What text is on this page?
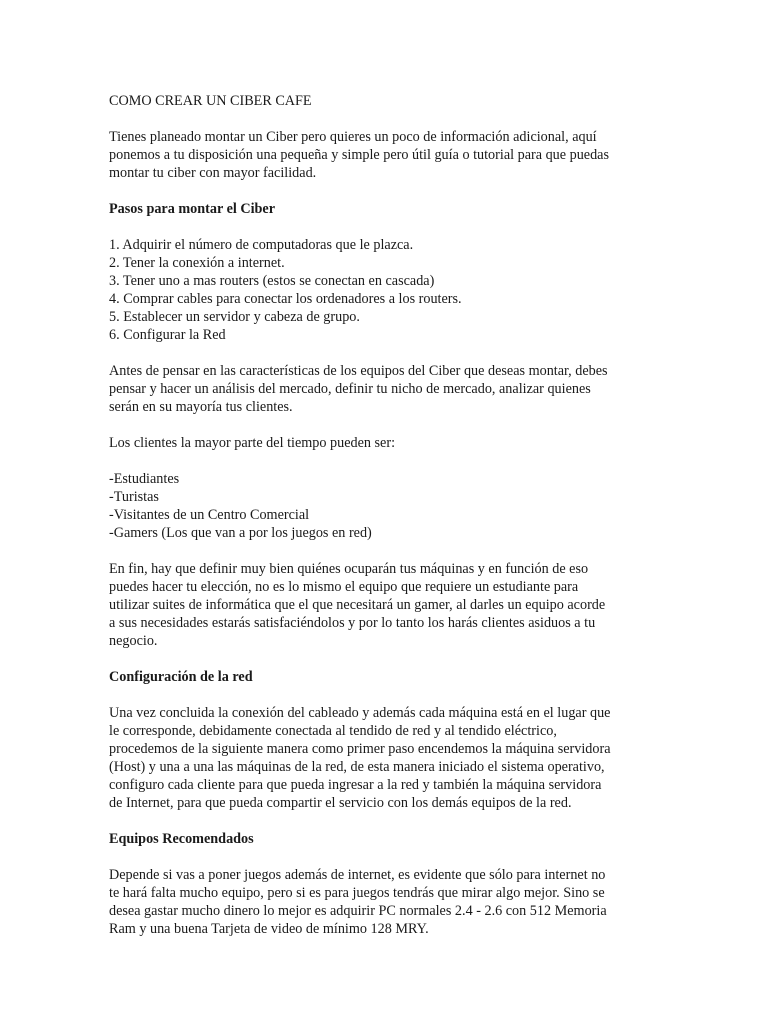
COMO CREAR UN CIBER CAFE

Tienes planeado montar un Ciber pero quieres un poco de información adicional, aquí
ponemos a tu disposición una pequeña y simple pero útil guía o tutorial para que puedas
montar tu ciber con mayor facilidad.

Pasos para montar el Ciber

1. Adquirir el número de computadoras que le plazca.
2. Tener la conexión a internet.
3. Tener uno a mas routers (estos se conectan en cascada)
4. Comprar cables para conectar los ordenadores a los routers.
5. Establecer un servidor y cabeza de grupo.
6. Configurar la Red

Antes de pensar en las características de los equipos del Ciber que deseas montar, debes
pensar y hacer un análisis del mercado, definir tu nicho de mercado, analizar quienes
serán en su mayoría tus clientes.

Los clientes la mayor parte del tiempo pueden ser:

-Estudiantes
-Turistas
-Visitantes de un Centro Comercial
-Gamers (Los que van a por los juegos en red)

En fin, hay que definir muy bien quiénes ocuparán tus máquinas y en función de eso
puedes hacer tu elección, no es lo mismo el equipo que requiere un estudiante para
utilizar suites de informática que el que necesitará un gamer, al darles un equipo acorde
a sus necesidades estarás satisfaciéndolos y por lo tanto los harás clientes asiduos a tu
negocio.

Configuración de la red

Una vez concluida la conexión del cableado y además cada máquina está en el lugar que
le corresponde, debidamente conectada al tendido de red y al tendido eléctrico,
procedemos de la siguiente manera como primer paso encendemos la máquina servidora
(Host) y una a una las máquinas de la red, de esta manera iniciado el sistema operativo,
configuro cada cliente para que pueda ingresar a la red y también la máquina servidora
de Internet, para que pueda compartir el servicio con los demás equipos de la red.

Equipos Recomendados

Depende si vas a poner juegos además de internet, es evidente que sólo para internet no
te hará falta mucho equipo, pero si es para juegos tendrás que mirar algo mejor. Sino se
desea gastar mucho dinero lo mejor es adquirir PC normales 2.4 - 2.6 con 512 Memoria
Ram y una buena Tarjeta de video de mínimo 128 MRY.
